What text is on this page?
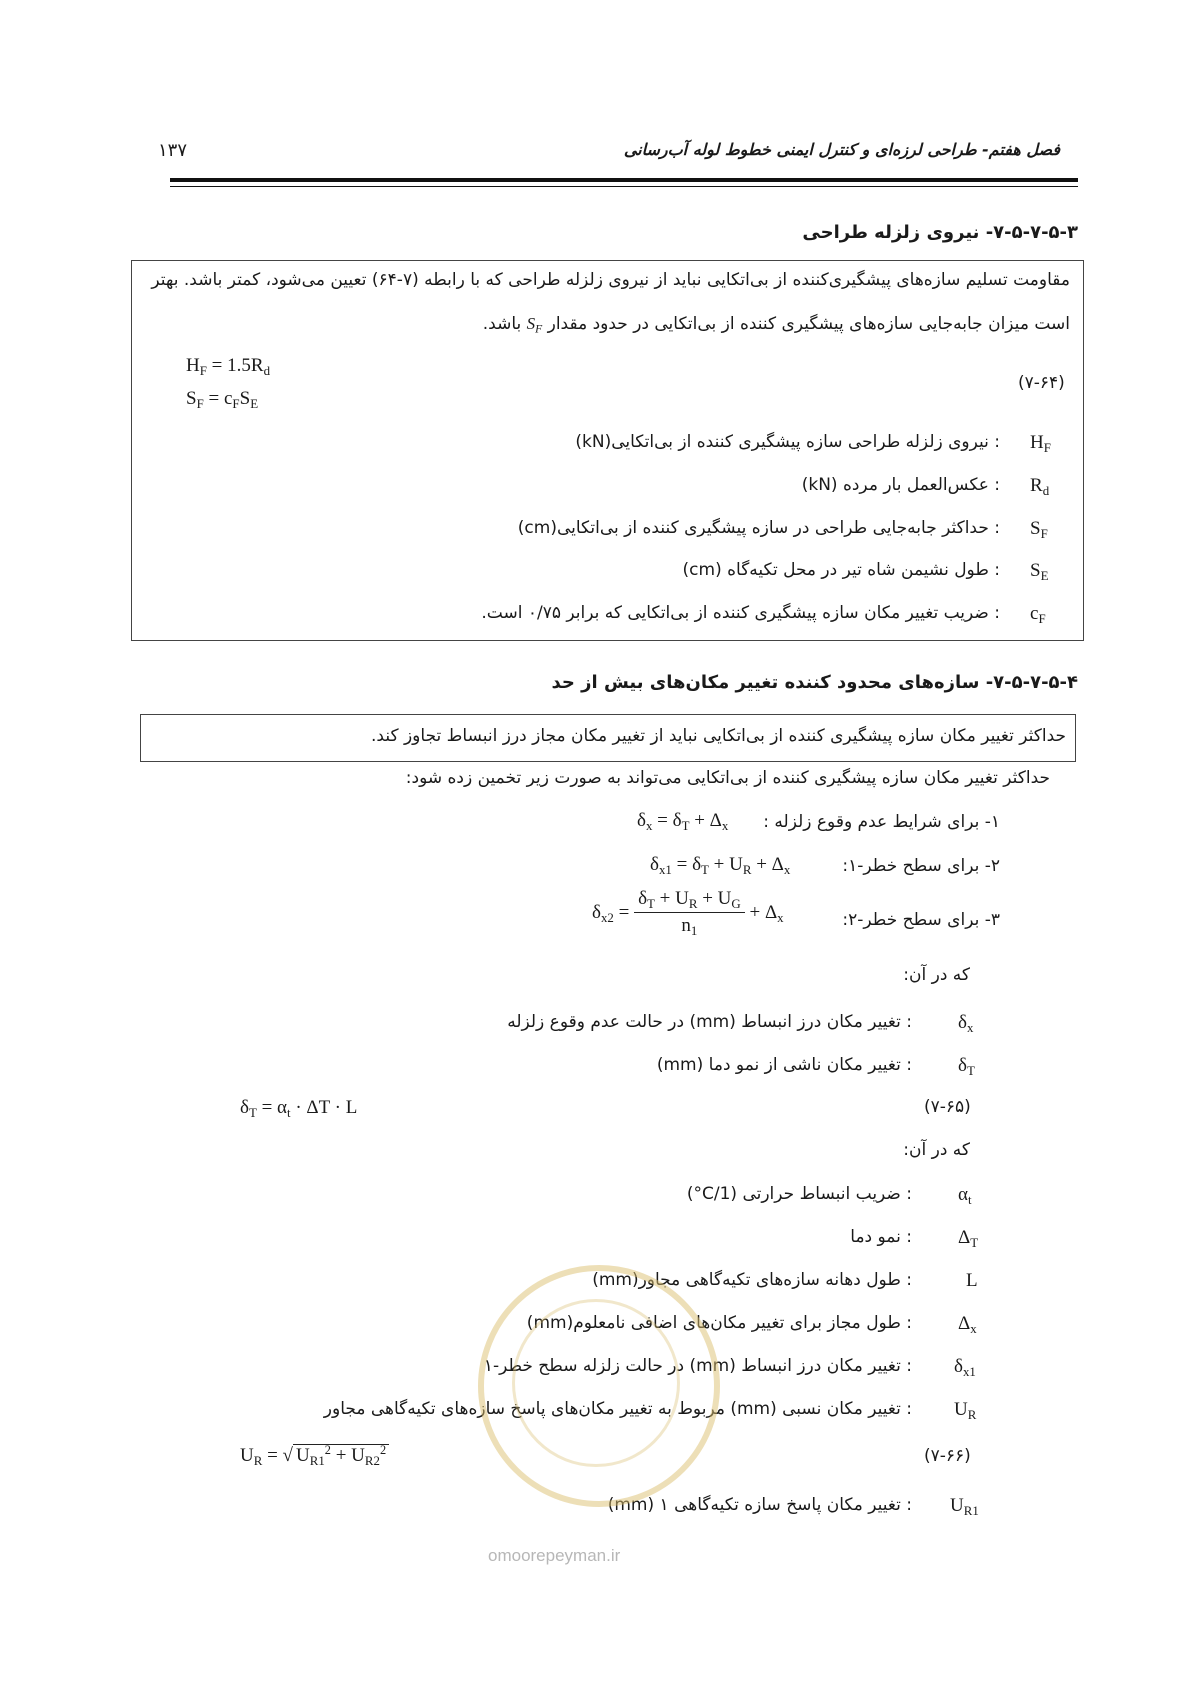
فصل هفتم- طراحی لرزه‌ای و کنترل ایمنی خطوط لوله آب‌رسانی
۱۳۷
۷-۵-۷-۵-۳- نیروی زلزله طراحی
مقاومت تسلیم سازه‌های پیشگیری‌کننده از بی‌اتکایی نباید از نیروی زلزله طراحی که با رابطه (۷-۶۴) تعیین می‌شود، کمتر باشد. بهتر
است میزان جابه‌جایی سازه‌های پیشگیری کننده از بی‌اتکایی در حدود مقدار $S_F$ باشد.
$H_F = 1.5R_d$
$S_F = c_FS_E$
(۷-۶۴)
$H_F$
: نیروی زلزله طراحی سازه پیشگیری کننده از بی‌اتکایی(kN)
$R_d$
: عکس‌العمل بار مرده (kN)
$S_F$
: حداکثر جابه‌جایی طراحی در سازه پیشگیری کننده از بی‌اتکایی(cm)
$S_E$
: طول نشیمن شاه تیر در محل تکیه‌گاه (cm)
$c_F$
: ضریب تغییر مکان سازه پیشگیری کننده از بی‌اتکایی که برابر ۰/۷۵ است.
۷-۵-۷-۵-۴- سازه‌های محدود کننده تغییر مکان‌های بیش از حد
حداکثر تغییر مکان سازه پیشگیری کننده از بی‌اتکایی نباید از تغییر مکان مجاز درز انبساط تجاوز کند.
حداکثر تغییر مکان سازه پیشگیری کننده از بی‌اتکایی می‌تواند به صورت زیر تخمین زده شود:
۱- برای شرایط عدم وقوع زلزله :
$\delta_x = \delta_T + \Delta_x$
۲- برای سطح خطر-۱:
$\delta_{x1} = \delta_T + U_R + \Delta_x$
۳- برای سطح خطر-۲:
$\delta_{x2} = \frac{\delta_T + U_R + U_G}{n_1} + \Delta_x$
که در آن:
$\delta_x$
: تغییر مکان درز انبساط (mm) در حالت عدم وقوع زلزله
$\delta_T$
: تغییر مکان ناشی از نمو دما (mm)
$\delta_T = \alpha_t \cdot \Delta T \cdot L$	(۷-۶۵)
که در آن:
$\alpha_t$
: ضریب انبساط حرارتی (1/C°)
$\Delta_T$
: نمو دما
L
: طول دهانه سازه‌های تکیه‌گاهی مجاور(mm)
$\Delta_x$
: طول مجاز برای تغییر مکان‌های اضافی نامعلوم(mm)
$\delta_{x1}$
: تغییر مکان درز انبساط (mm) در حالت زلزله سطح خطر-۱
$U_R$
: تغییر مکان نسبی (mm) مربوط به تغییر مکان‌های پاسخ سازه‌های تکیه‌گاهی مجاور
$U_R$ = √ $U_{R1}^2 + U_{R2}^2$	(۷-۶۶)
$U_{R1}$
: تغییر مکان پاسخ سازه تکیه‌گاهی ۱ (mm)
omoorepeyman.ir
